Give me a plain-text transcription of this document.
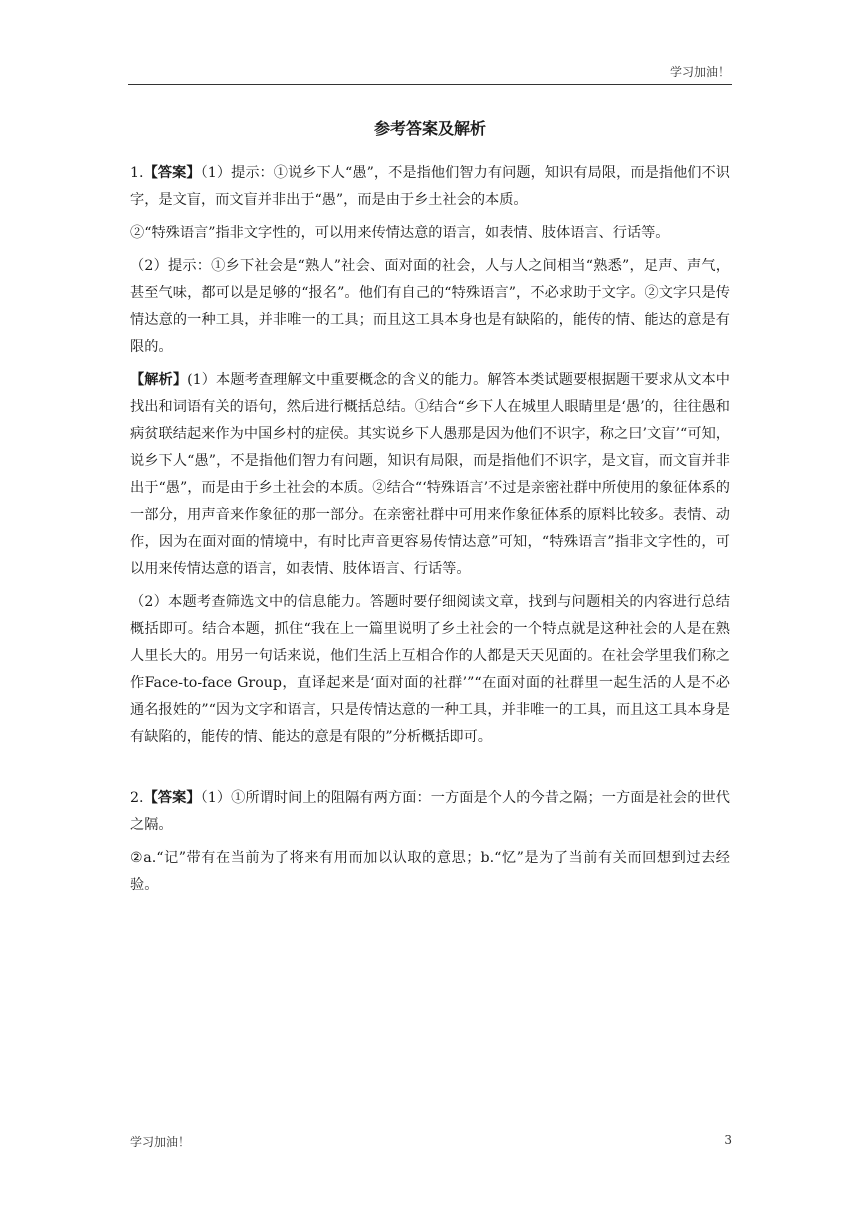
学习加油！
参考答案及解析

1.【答案】（1）提示：①说乡下人“愚”，不是指他们智力有问题，知识有局限，而是指他们不识字，是文盲，而文盲并非出于“愚”，而是由于乡土社会的本质。

②“特殊语言”指非文字性的，可以用来传情达意的语言，如表情、肢体语言、行话等。

（2）提示：①乡下社会是“熟人”社会、面对面的社会，人与人之间相当“熟悉”，足声、声气，甚至气味，都可以是足够的“报名”。他们有自己的“特殊语言”，不必求助于文字。②文字只是传情达意的一种工具，并非唯一的工具；而且这工具本身也是有缺陷的，能传的情、能达的意是有限的。

【解析】(1）本题考查理解文中重要概念的含义的能力。解答本类试题要根据题干要求从文本中找出和词语有关的语句，然后进行概括总结。①结合“乡下人在城里人眼睛里是‘愚’的，往往愚和病贫联结起来作为中国乡村的症侯。其实说乡下人愚那是因为他们不识字，称之曰’文盲’“可知，说乡下人“愚”，不是指他们智力有问题，知识有局限，而是指他们不识字，是文盲，而文盲并非出于“愚”，而是由于乡土社会的本质。②结合“‘特殊语言’不过是亲密社群中所使用的象征体系的一部分，用声音来作象征的那一部分。在亲密社群中可用来作象征体系的原料比较多。表情、动作，因为在面对面的情境中，有时比声音更容易传情达意”可知，“特殊语言”指非文字性的，可以用来传情达意的语言，如表情、肢体语言、行话等。

（2）本题考查筛选文中的信息能力。答题时要仔细阅读文章，找到与问题相关的内容进行总结概括即可。结合本题，抓住“我在上一篇里说明了乡土社会的一个特点就是这种社会的人是在熟人里长大的。用另一句话来说，他们生活上互相合作的人都是天天见面的。在社会学里我们称之作Face-to-face Group，直译起来是‘面对面的社群’”“在面对面的社群里一起生活的人是不必通名报姓的”“因为文字和语言，只是传情达意的一种工具，并非唯一的工具，而且这工具本身是有缺陷的，能传的情、能达的意是有限的”分析概括即可。

2.【答案】（1）①所谓时间上的阻隔有两方面：一方面是个人的今昔之隔；一方面是社会的世代之隔。

②a.“记”带有在当前为了将来有用而加以认取的意思；b.“忆”是为了当前有关而回想到过去经验。

学习加油！	3
